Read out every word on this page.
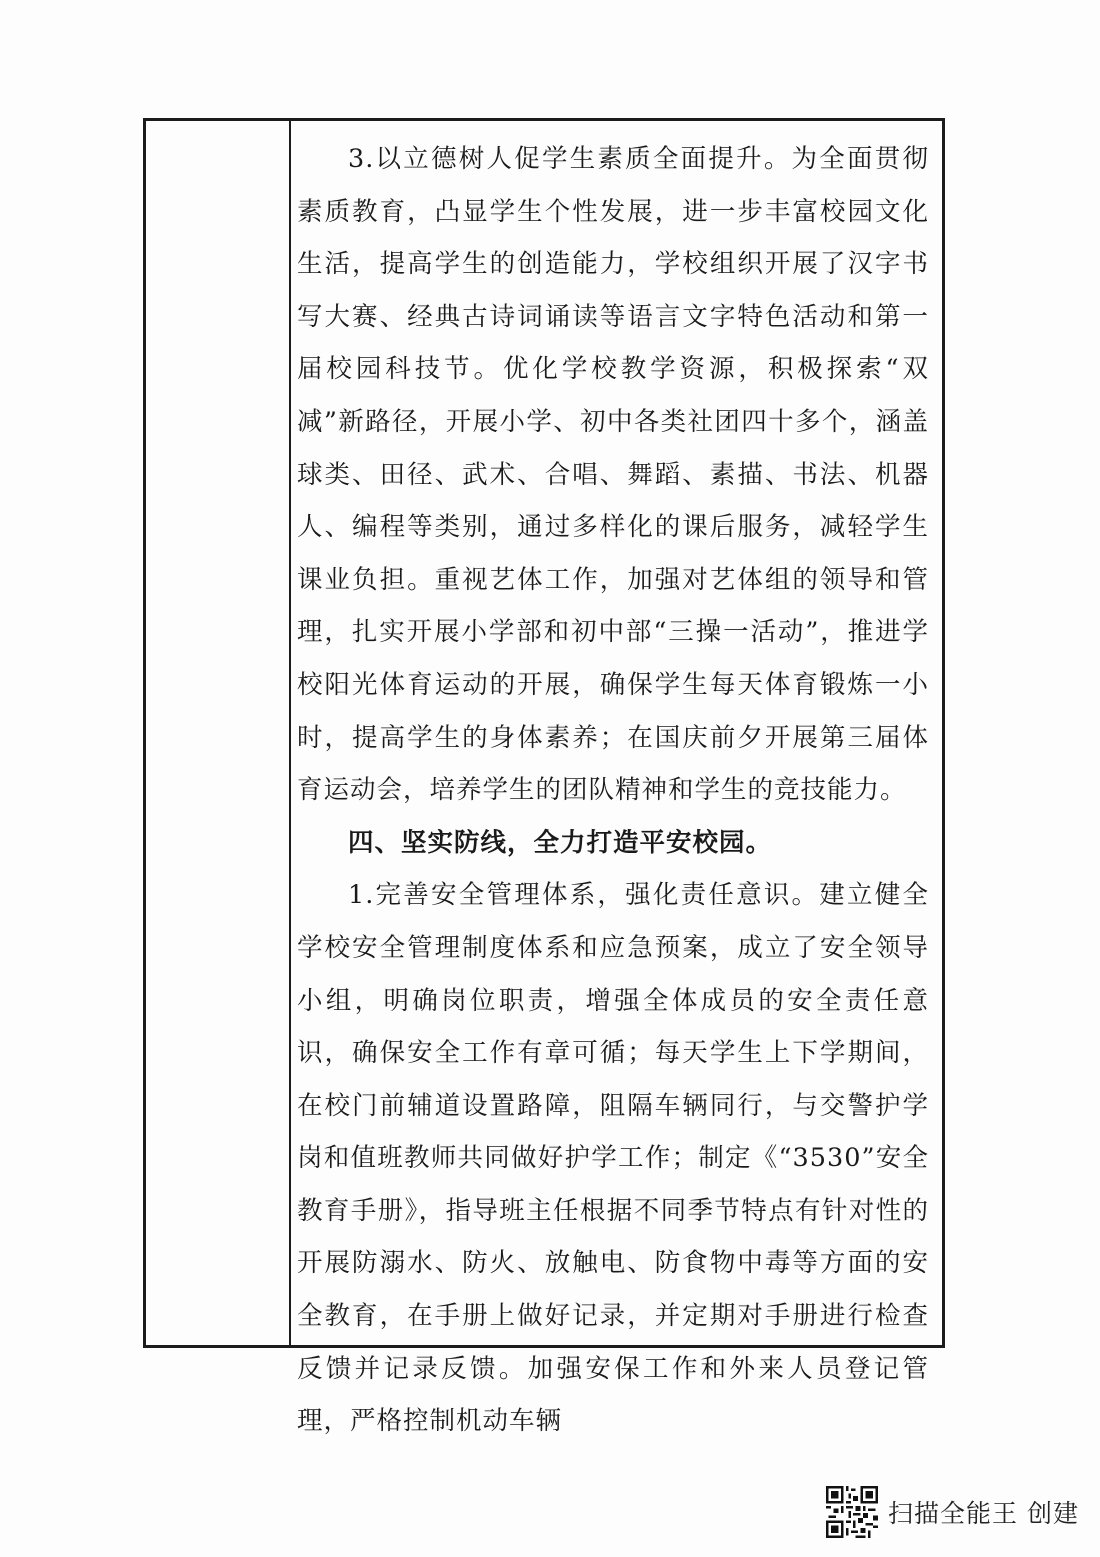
3.以立德树人促学生素质全面提升。为全面贯彻素质教育，凸显学生个性发展，进一步丰富校园文化生活，提高学生的创造能力，学校组织开展了汉字书写大赛、经典古诗词诵读等语言文字特色活动和第一届校园科技节。优化学校教学资源，积极探索“双减”新路径，开展小学、初中各类社团四十多个，涵盖球类、田径、武术、合唱、舞蹈、素描、书法、机器人、编程等类别，通过多样化的课后服务，减轻学生课业负担。重视艺体工作，加强对艺体组的领导和管理，扎实开展小学部和初中部“三操一活动”，推进学校阳光体育运动的开展，确保学生每天体育锻炼一小时，提高学生的身体素养；在国庆前夕开展第三届体育运动会，培养学生的团队精神和学生的竞技能力。

四、坚实防线，全力打造平安校园。

1.完善安全管理体系，强化责任意识。建立健全学校安全管理制度体系和应急预案，成立了安全领导小组，明确岗位职责，增强全体成员的安全责任意识，确保安全工作有章可循；每天学生上下学期间，在校门前辅道设置路障，阻隔车辆同行，与交警护学岗和值班教师共同做好护学工作；制定《“3530”安全教育手册》，指导班主任根据不同季节特点有针对性的开展防溺水、防火、放触电、防食物中毒等方面的安全教育，在手册上做好记录，并定期对手册进行检查反馈并记录反馈。加强安保工作和外来人员登记管理，严格控制机动车辆

扫描全能王 创建
